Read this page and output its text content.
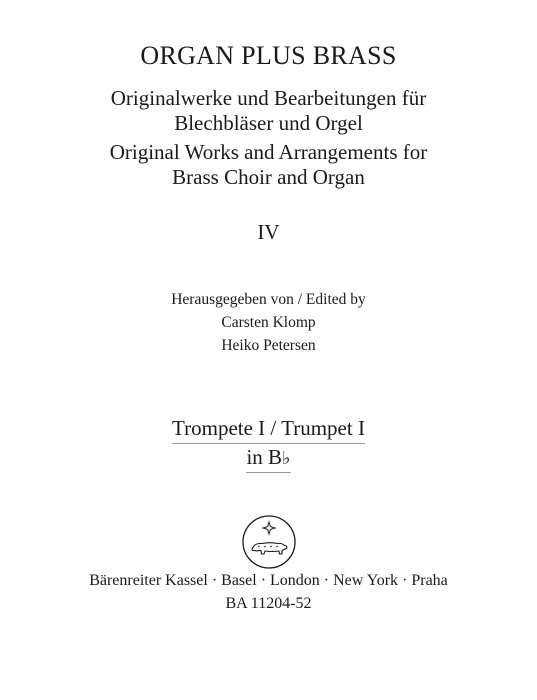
ORGAN PLUS BRASS
Originalwerke und Bearbeitungen für
Blechbläser und Orgel
Original Works and Arrangements for
Brass Choir and Organ
IV
Herausgegeben von / Edited by
Carsten Klomp
Heiko Petersen
Trompete I / Trumpet I
in B♭
Bärenreiter Kassel · Basel · London · New York · Praha
BA 11204-52
